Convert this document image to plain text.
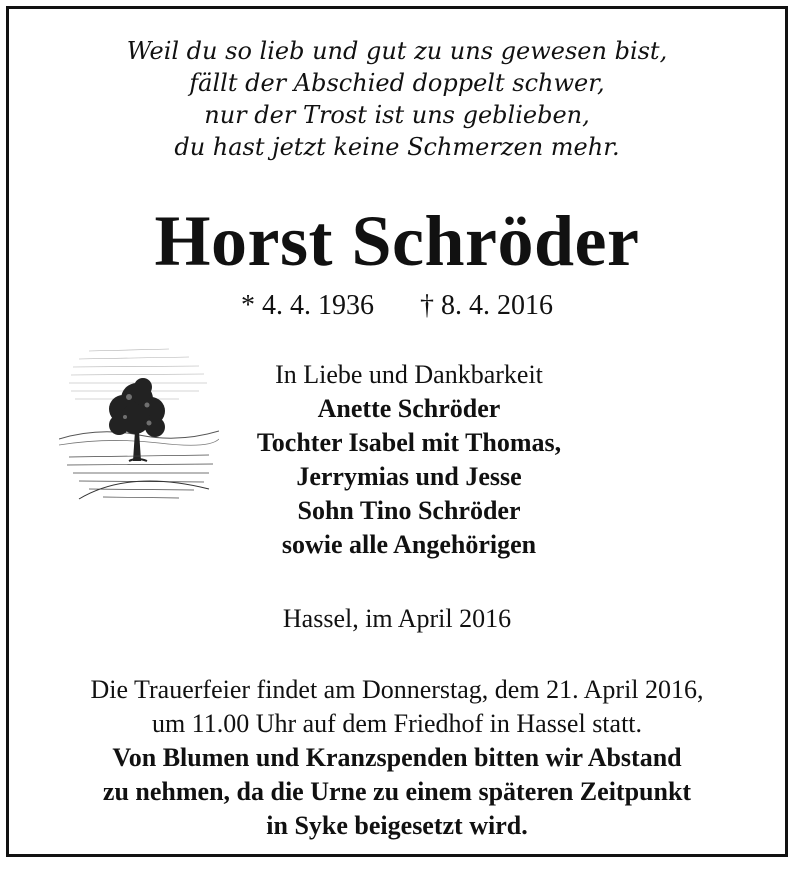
Weil du so lieb und gut zu uns gewesen bist,
fällt der Abschied doppelt schwer,
nur der Trost ist uns geblieben,
du hast jetzt keine Schmerzen mehr.
Horst Schröder
* 4. 4. 1936 † 8. 4. 2016
In Liebe und Dankbarkeit
Anette Schröder
Tochter Isabel mit Thomas,
Jerrymias und Jesse
Sohn Tino Schröder
sowie alle Angehörigen
Hassel, im April 2016
Die Trauerfeier findet am Donnerstag, dem 21. April 2016,
um 11.00 Uhr auf dem Friedhof in Hassel statt.
Von Blumen und Kranzspenden bitten wir Abstand
zu nehmen, da die Urne zu einem späteren Zeitpunkt
in Syke beigesetzt wird.
